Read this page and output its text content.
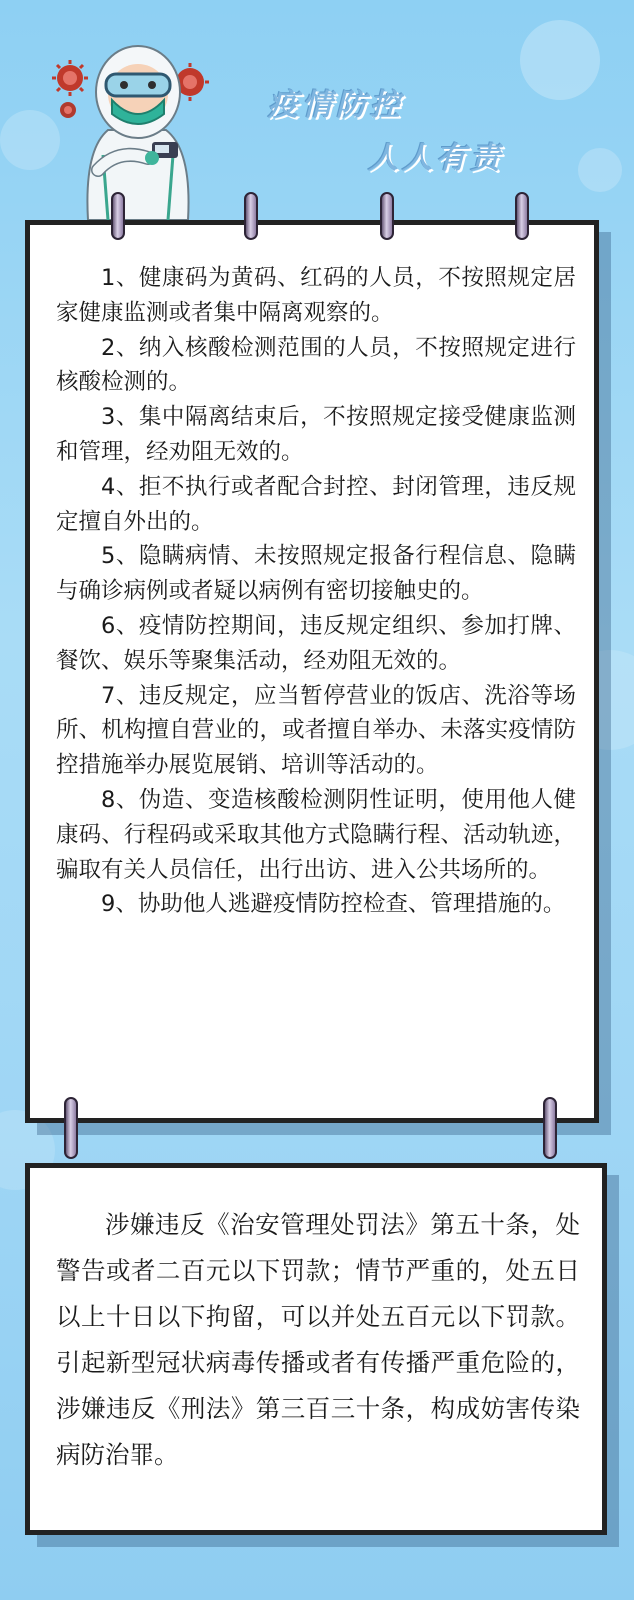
疫情防控
人人有责

1、健康码为黄码、红码的人员，不按照规定居家健康监测或者集中隔离观察的。

2、纳入核酸检测范围的人员，不按照规定进行核酸检测的。

3、集中隔离结束后，不按照规定接受健康监测和管理，经劝阻无效的。

4、拒不执行或者配合封控、封闭管理，违反规定擅自外出的。

5、隐瞒病情、未按照规定报备行程信息、隐瞒与确诊病例或者疑以病例有密切接触史的。

6、疫情防控期间，违反规定组织、参加打牌、餐饮、娱乐等聚集活动，经劝阻无效的。

7、违反规定，应当暂停营业的饭店、洗浴等场所、机构擅自营业的，或者擅自举办、未落实疫情防控措施举办展览展销、培训等活动的。

8、伪造、变造核酸检测阴性证明，使用他人健康码、行程码或采取其他方式隐瞒行程、活动轨迹，骗取有关人员信任，出行出访、进入公共场所的。

9、协助他人逃避疫情防控检查、管理措施的。

涉嫌违反《治安管理处罚法》第五十条，处警告或者二百元以下罚款；情节严重的，处五日以上十日以下拘留，可以并处五百元以下罚款。引起新型冠状病毒传播或者有传播严重危险的，涉嫌违反《刑法》第三百三十条，构成妨害传染病防治罪。
